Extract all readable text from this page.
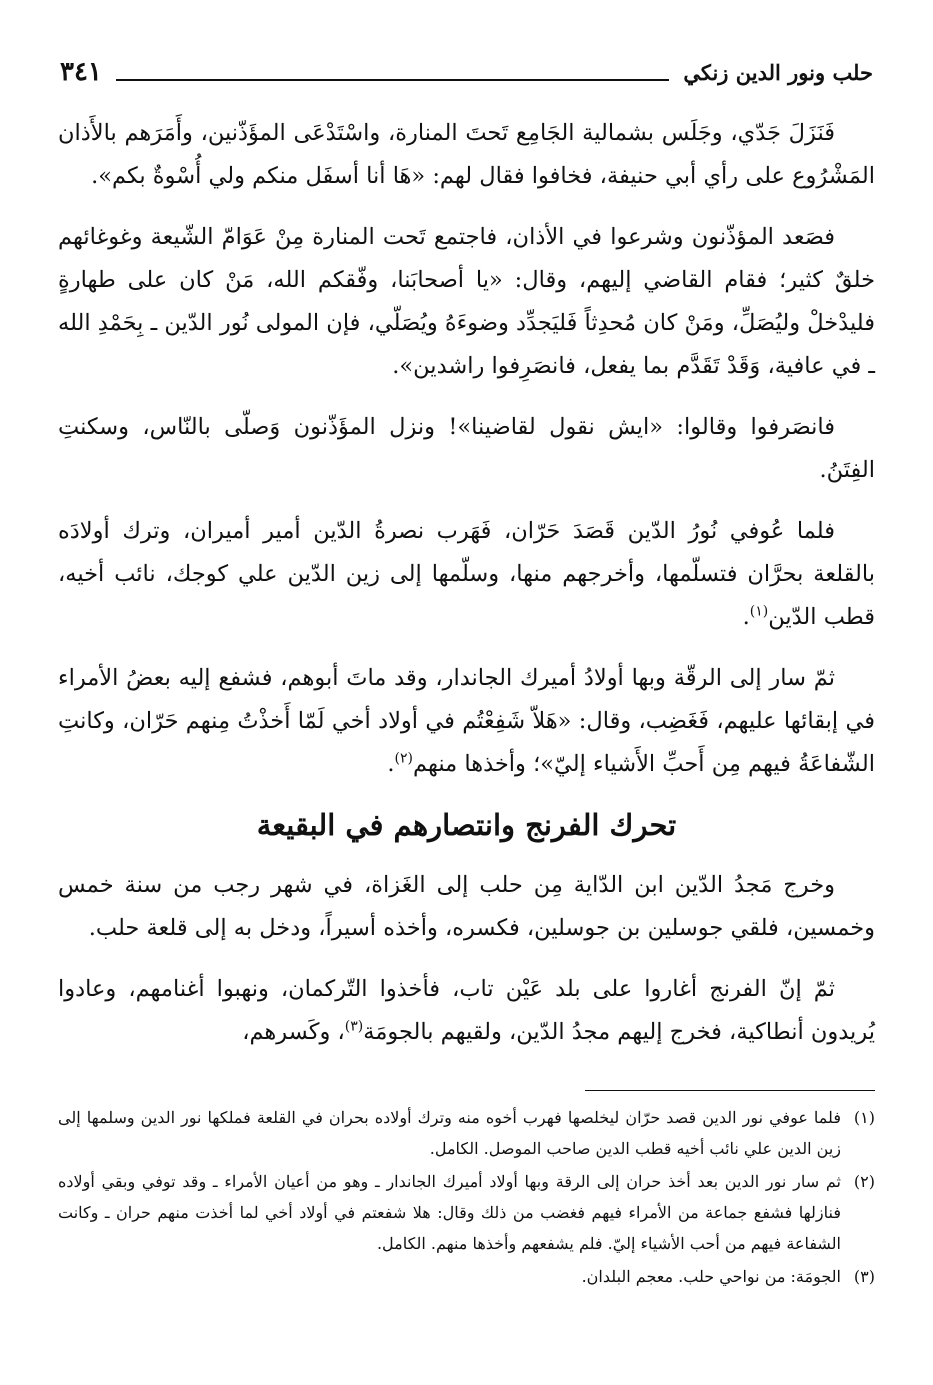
حلب ونور الدين زنكي
٣٤١

فَنَزَلَ جَدّي، وجَلَس بشمالية الجَامِع تَحتَ المنارة، واسْتَدْعَى المؤَذّنين، وأَمَرَهم بالأَذان المَشْرُوع على رأي أبي حنيفة، فخافوا فقال لهم: «هَا أنا أسفَل منكم ولي أُسْوةٌ بكم».

فصَعد المؤذّنون وشرعوا في الأذان، فاجتمع تَحت المنارة مِنْ عَوَامّ الشّيعة وغوغائهم خلقٌ كثير؛ فقام القاضي إليهم، وقال: «يا أصحابَنا، وفّقكم الله، مَنْ كان على طهارةٍ فليدْخلْ وليُصَلِّ، ومَنْ كان مُحدِثاً فَليَجدِّد وضوءَهُ ويُصَلّي، فإن المولى نُور الدّين ـ بِحَمْدِ الله ـ في عافية، وَقَدْ تَقَدَّم بما يفعل، فانصَرِفوا راشدين».

فانصَرفوا وقالوا: «ايش نقول لقاضينا»! ونزل المؤَذّنون وَصلّى بالنّاس، وسكنتِ الفِتَنُ.

فلما عُوفي نُورُ الدّين قَصَدَ حَرّان، فَهَرب نصرةُ الدّين أمير أميران، وترك أولادَه بالقلعة بحرَّان فتسلّمها، وأخرجهم منها، وسلّمها إلى زين الدّين علي كوجك، نائب أخيه، قطب الدّين$^{(١)}$.

ثمّ سار إلى الرقّة وبها أولادُ أميرك الجاندار، وقد ماتَ أبوهم، فشفع إليه بعضُ الأمراء في إبقائها عليهم، فَغَضِب، وقال: «هَلاّ شَفِعْتُم في أولاد أخي لَمّا أَخذْتُ مِنهم حَرّان، وكانتِ الشّفاعَةُ فيهم مِن أَحبِّ الأَشياء إليّ»؛ وأخذها منهم$^{(٢)}$.

تحرك الفرنج وانتصارهم في البقيعة

وخرج مَجدُ الدّين ابن الدّاية مِن حلب إلى الغَزاة، في شهر رجب من سنة خمس وخمسين، فلقي جوسلين بن جوسلين، فكسره، وأخذه أسيراً، ودخل به إلى قلعة حلب.

ثمّ إنّ الفرنج أغاروا على بلد عَيْن تاب، فأخذوا التّركمان، ونهبوا أغنامهم، وعادوا يُريدون أنطاكية، فخرج إليهم مجدُ الدّين، ولقيهم بالجومَة$^{(٣)}$، وكَسرهم،

(١)
فلما عوفي نور الدين قصد حرّان ليخلصها فهرب أخوه منه وترك أولاده بحران في القلعة فملكها نور الدين وسلمها إلى زين الدين علي نائب أخيه قطب الدين صاحب الموصل. الكامل.
(٢)
ثم سار نور الدين بعد أخذ حران إلى الرقة وبها أولاد أميرك الجاندار ـ وهو من أعيان الأمراء ـ وقد توفي وبقي أولاده فنازلها فشفع جماعة من الأمراء فيهم فغضب من ذلك وقال: هلا شفعتم في أولاد أخي لما أخذت منهم حران ـ وكانت الشفاعة فيهم من أحب الأشياء إليّ. فلم يشفعهم وأخذها منهم. الكامل.
(٣)
الجومَة: من نواحي حلب. معجم البلدان.
